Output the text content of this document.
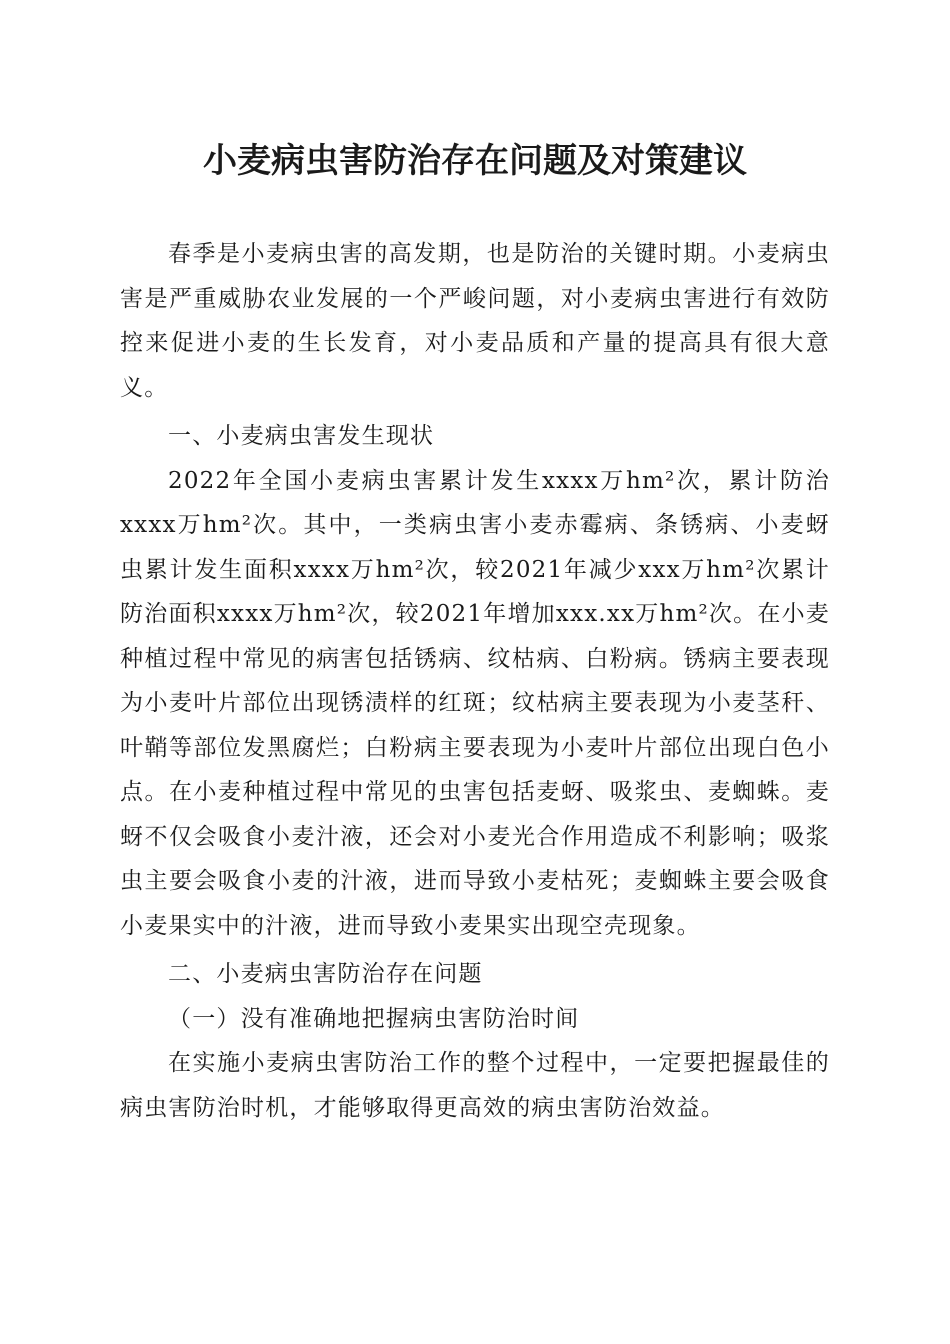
小麦病虫害防治存在问题及对策建议

春季是小麦病虫害的高发期，也是防治的关键时期。小麦病虫害是严重威胁农业发展的一个严峻问题，对小麦病虫害进行有效防控来促进小麦的生长发育，对小麦品质和产量的提高具有很大意义。

一、小麦病虫害发生现状

2022年全国小麦病虫害累计发生xxxx万hm²次，累计防治xxxx万hm²次。其中，一类病虫害小麦赤霉病、条锈病、小麦蚜虫累计发生面积xxxx万hm²次，较2021年减少xxx万hm²次累计防治面积xxxx万hm²次，较2021年增加xxx.xx万hm²次。在小麦种植过程中常见的病害包括锈病、纹枯病、白粉病。锈病主要表现为小麦叶片部位出现锈渍样的红斑；纹枯病主要表现为小麦茎秆、叶鞘等部位发黑腐烂；白粉病主要表现为小麦叶片部位出现白色小点。在小麦种植过程中常见的虫害包括麦蚜、吸浆虫、麦蜘蛛。麦蚜不仅会吸食小麦汁液，还会对小麦光合作用造成不利影响；吸浆虫主要会吸食小麦的汁液，进而导致小麦枯死；麦蜘蛛主要会吸食小麦果实中的汁液，进而导致小麦果实出现空壳现象。

二、小麦病虫害防治存在问题

（一）没有准确地把握病虫害防治时间

在实施小麦病虫害防治工作的整个过程中，一定要把握最佳的病虫害防治时机，才能够取得更高效的病虫害防治效益。
